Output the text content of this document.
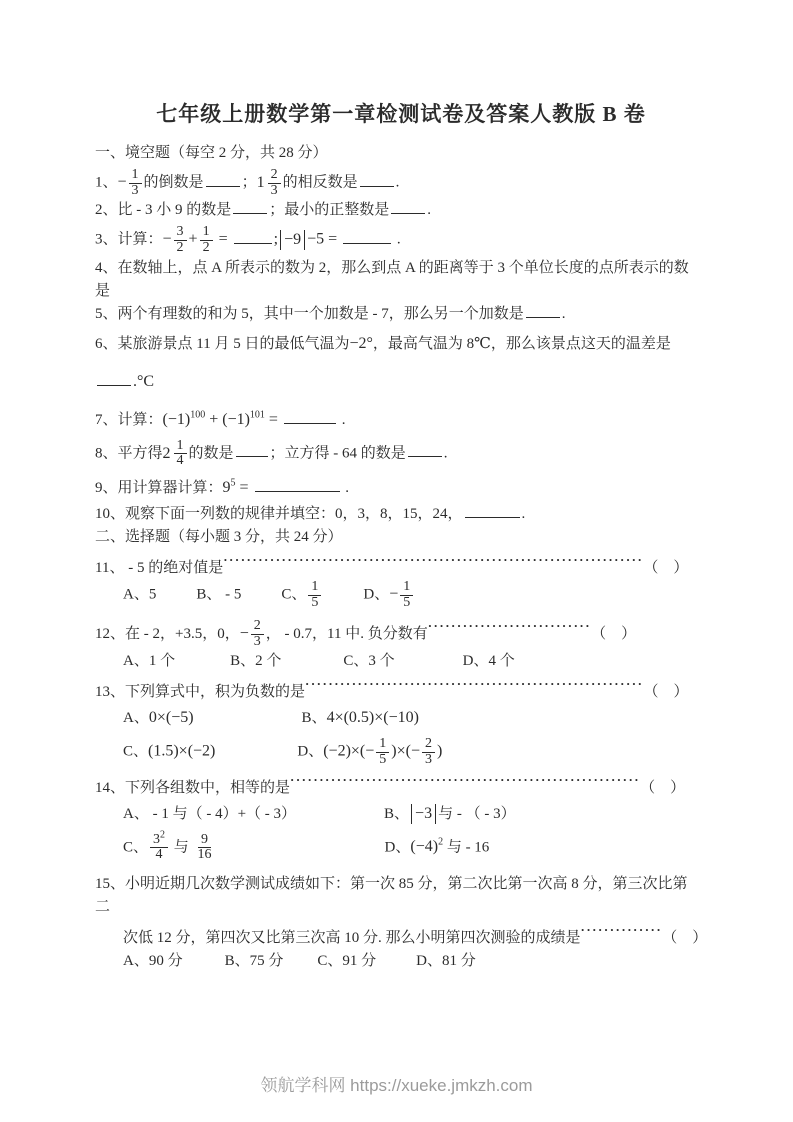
七年级上册数学第一章检测试卷及答案人教版 B 卷
一、境空题（每空 2 分，共 28 分）
1、− $\frac{1}{3}$ 的倒数是	； $1 \frac{2}{3}$ 的相反数是	.
2、比 - 3 小 9 的数是	；最小的正整数是	.
3、计算：− $\frac{3}{2} + \frac{1}{2}$ =	; −9 −5 =	.
4、在数轴上，点 A 所表示的数为 2，那么到点 A 的距离等于 3 个单位长度的点所表示的数
是
5、两个有理数的和为 5，其中一个加数是 - 7，那么另一个加数是	.
6、某旅游景点 11 月 5 日的最低气温为−2°，最高气温为 8℃，那么该景点这天的温差是
.°C
7、计算：$(-1)^{100} + (-1)^{101}$ =	.
8、平方得 $2 \frac{1}{4}$ 的数是 ；立方得 - 64 的数是	.
9、用计算器计算：$9^5$ =	.
10、观察下面一列数的规律并填空：0，3，8，15，24，	.
二、选择题（每小题 3 分，共 24 分）
11、 - 5 的绝对值是········································································（　）
A、5	B、 - 5	C、 $\frac{1}{5}$	D、− $\frac{1}{5}$
12、在 - 2，+3.5，0，− $\frac{2}{3}$ ， - 0.7，11 中. 负分数有····························（　）
A、1 个	B、2 个	C、3 个	D、4 个
13、下列算式中，积为负数的是··························································（　）
A、0×(−5)	B、4×(0.5)×(−10)
C、(1.5)×(−2)	D、$(-2)\times(- \frac{1}{5}$ )×(− $\frac{2}{3}$ )
14、下列各组数中，相等的是····························································（　）
A、 - 1 与（ - 4）+（ - 3）	B、 −3 与 - （ - 3）
C、 $\frac{3^2}{4}$ 与 $\frac{9}{16}$	D、$(-4)^2$ 与 - 16
15、小明近期几次数学测试成绩如下：第一次 85 分，第二次比第一次高 8 分，第三次比第
二
次低 12 分，第四次又比第三次高 10 分. 那么小明第四次测验的成绩是··············（　）
A、90 分	B、75 分 C、91 分	D、81 分
领航学科网 https://xueke.jmkzh.com
